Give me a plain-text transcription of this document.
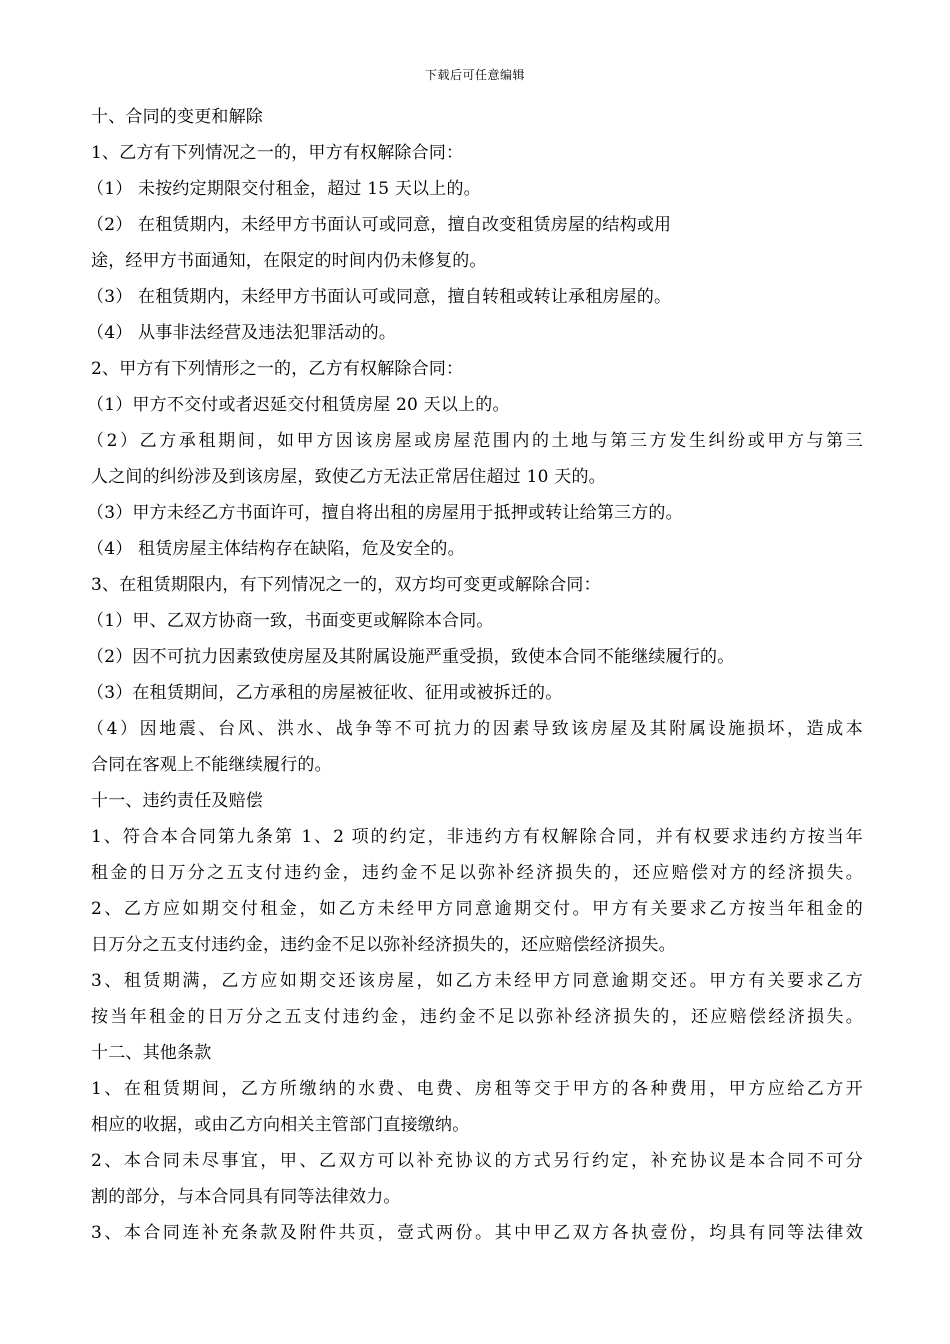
下载后可任意编辑
十、合同的变更和解除
1、乙方有下列情况之一的，甲方有权解除合同：
（1） 未按约定期限交付租金，超过 15 天以上的。
（2） 在租赁期内，未经甲方书面认可或同意，擅自改变租赁房屋的结构或用
途，经甲方书面通知，在限定的时间内仍未修复的。
（3） 在租赁期内，未经甲方书面认可或同意，擅自转租或转让承租房屋的。
（4） 从事非法经营及违法犯罪活动的。
2、甲方有下列情形之一的，乙方有权解除合同：
（1）甲方不交付或者迟延交付租赁房屋 20 天以上的。
（2）乙方承租期间，如甲方因该房屋或房屋范围内的土地与第三方发生纠纷或甲方与第三
人之间的纠纷涉及到该房屋，致使乙方无法正常居住超过 10 天的。
（3）甲方未经乙方书面许可，擅自将出租的房屋用于抵押或转让给第三方的。
（4） 租赁房屋主体结构存在缺陷，危及安全的。
3、在租赁期限内，有下列情况之一的，双方均可变更或解除合同：
（1）甲、乙双方协商一致，书面变更或解除本合同。
（2）因不可抗力因素致使房屋及其附属设施严重受损，致使本合同不能继续履行的。
（3）在租赁期间，乙方承租的房屋被征收、征用或被拆迁的。
（4）因地震、台风、洪水、战争等不可抗力的因素导致该房屋及其附属设施损坏，造成本
合同在客观上不能继续履行的。
十一、违约责任及赔偿
1、符合本合同第九条第 1、2 项的约定，非违约方有权解除合同，并有权要求违约方按当年
租金的日万分之五支付违约金，违约金不足以弥补经济损失的，还应赔偿对方的经济损失。
2、乙方应如期交付租金，如乙方未经甲方同意逾期交付。甲方有关要求乙方按当年租金的
日万分之五支付违约金，违约金不足以弥补经济损失的，还应赔偿经济损失。
3、租赁期满，乙方应如期交还该房屋，如乙方未经甲方同意逾期交还。甲方有关要求乙方
按当年租金的日万分之五支付违约金，违约金不足以弥补经济损失的，还应赔偿经济损失。
十二、其他条款
1、在租赁期间，乙方所缴纳的水费、电费、房租等交于甲方的各种费用，甲方应给乙方开
相应的收据，或由乙方向相关主管部门直接缴纳。
2、本合同未尽事宜，甲、乙双方可以补充协议的方式另行约定，补充协议是本合同不可分
割的部分，与本合同具有同等法律效力。
3、本合同连补充条款及附件共页，壹式两份。其中甲乙双方各执壹份，均具有同等法律效
